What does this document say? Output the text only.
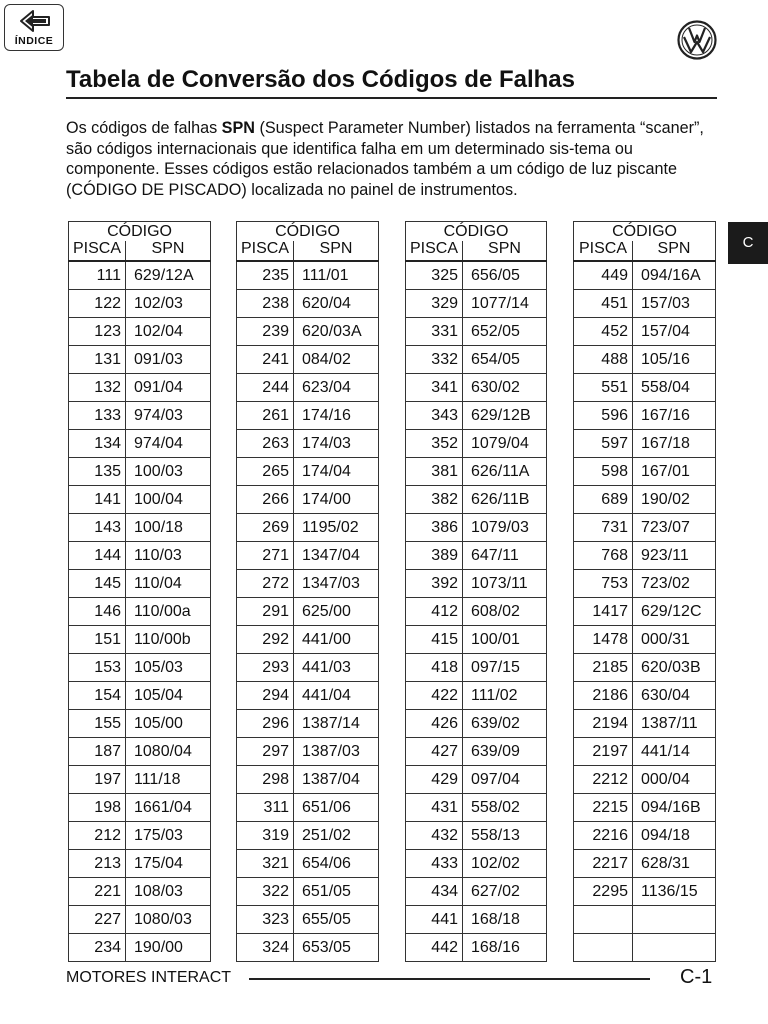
ÍNDICE
Tabela de Conversão dos Códigos de Falhas

Os códigos de falhas SPN (Suspect Parameter Number) listados na ferramenta “scaner”, são códigos internacionais que identifica falha em um determinado sis-tema ou componente. Esses códigos estão relacionados também a um código de luz piscante (CÓDIGO DE PISCADO) localizada no painel de instrumentos.

C
CÓDIGO	
PISCA	SPN
111	629/12A
122	102/03
123	102/04
131	091/03
132	091/04
133	974/03
134	974/04
135	100/03
141	100/04
143	100/18
144	110/03
145	110/04
146	110/00a
151	110/00b
153	105/03
154	105/04
155	105/00
187	1080/04
197	111/18
198	1661/04
212	175/03
213	175/04
221	108/03
227	1080/03
234	190/00
CÓDIGO	
PISCA	SPN
235	111/01
238	620/04
239	620/03A
241	084/02
244	623/04
261	174/16
263	174/03
265	174/04
266	174/00
269	1195/02
271	1347/04
272	1347/03
291	625/00
292	441/00
293	441/03
294	441/04
296	1387/14
297	1387/03
298	1387/04
311	651/06
319	251/02
321	654/06
322	651/05
323	655/05
324	653/05
CÓDIGO	
PISCA	SPN
325	656/05
329	1077/14
331	652/05
332	654/05
341	630/02
343	629/12B
352	1079/04
381	626/11A
382	626/11B
386	1079/03
389	647/11
392	1073/11
412	608/02
415	100/01
418	097/15
422	111/02
426	639/02
427	639/09
429	097/04
431	558/02
432	558/13
433	102/02
434	627/02
441	168/18
442	168/16
CÓDIGO	
PISCA	SPN
449	094/16A
451	157/03
452	157/04
488	105/16
551	558/04
596	167/16
597	167/18
598	167/01
689	190/02
731	723/07
768	923/11
753	723/02
1417	629/12C
1478	000/31
2185	620/03B
2186	630/04
2194	1387/11
2197	441/14
2212	000/04
2215	094/16B
2216	094/18
2217	628/31
2295	1136/15

MOTORES INTERACT	C-1
